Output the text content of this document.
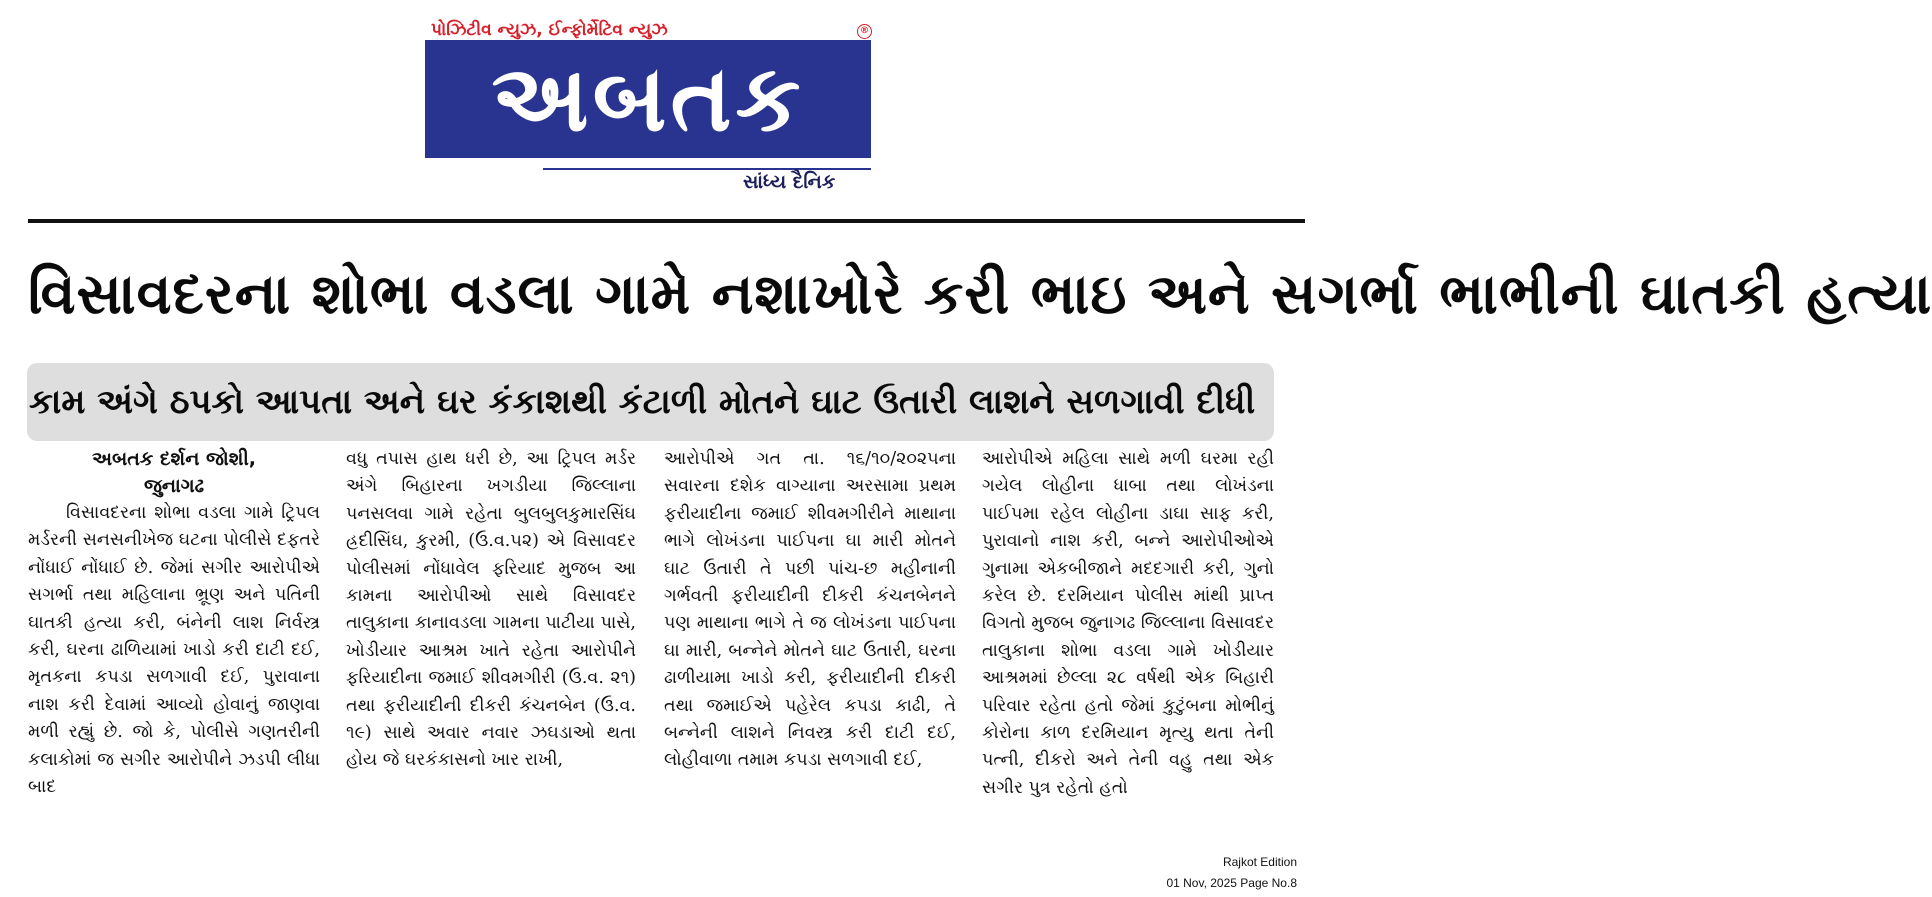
પોઝિટીવ ન્યુઝ, ઈન્ફોર્મેટિવ ન્યુઝ	®
અબતક
સાંધ્ય દૈનિક
વિસાવદરના શોભા વડલા ગામે નશાખોરે કરી ભાઇ અને સગર્ભા ભાભીની ઘાતકી હત્યા
કામ અંગે ઠપકો આપતા અને ઘર કંકાશથી કંટાળી મોતને ઘાટ ઉતારી લાશને સળગાવી દીધી
અબતક દર્શન જોશી,
જુનાગઢ

વિસાવદરના શોભા વડલા ગામે ટ્રિપલ મર્ડરની સનસનીખેજ ઘટના પોલીસે દફતરે નોંધાઈ નોંધાઈ છે. જેમાં સગીર આરોપીએ સગર્ભા તથા મહિલાના ભ્રૂણ અને પતિની ઘાતકી હત્યા કરી, બંનેની લાશ નિર્વસ્ત્ર કરી, ઘરના ઢાળિયામાં ખાડો કરી દાટી દઈ, મૃતકના કપડા સળગાવી દઈ, પુરાવાના નાશ કરી દેવામાં આવ્યો હોવાનું જાણવા મળી રહ્યું છે. જો કે, પોલીસે ગણતરીની કલાકોમાં જ સગીર આરોપીને ઝડપી લીધા બાદ

વધુ તપાસ હાથ ધરી છે, આ ટ્રિપલ મર્ડર અંગે બિહારના ખગડીયા જિલ્લાના પનસલવા ગામે રહેતા બુલબુલકુમારસિંઘ હ્રદીસિંઘ, કુરમી, (ઉ.વ.૫૨) એ વિસાવદર પોલીસમાં નોંધાવેલ ફરિયાદ મુજબ આ કામના આરોપીઓ સાથે વિસાવદર તાલુકાના કાનાવડલા ગામના પાટીયા પાસે, ખોડીયાર આશ્રમ ખાતે રહેતા આરોપીને ફરિયાદીના જમાઈ શીવમગીરી (ઉ.વ. ૨૧) તથા ફરીયાદીની દીકરી કંચનબેન (ઉ.વ. ૧૯) સાથે અવાર નવાર ઝઘડાઓ થતા હોય જે ઘરકંકાસનો ખાર રાખી,

આરોપીએ ગત તા. ૧૬/૧૦/૨૦૨૫ના સવારના દશેક વાગ્યાના અરસામા પ્રથમ ફરીયાદીના જમાઈ શીવમગીરીને માથાના ભાગે લોખંડના પાઈપના ઘા મારી મોતને ઘાટ ઉતારી તે પછી પાંચ-છ મહીનાની ગર્ભવતી ફરીયાદીની દીકરી કંચનબેનને પણ માથાના ભાગે તે જ લોખંડના પાઈપના ઘા મારી, બન્નેને મોતને ઘાટ ઉતારી, ઘરના ઢાળીયામા ખાડો કરી, ફરીયાદીની દીકરી તથા જમાઈએ પહેરેલ કપડા કાઢી, તે બન્નેની લાશને નિવસ્ત્ર કરી દાટી દઈ, લોહીવાળા તમામ કપડા સળગાવી દઈ,

આરોપીએ મહિલા સાથે મળી ઘરમા રહી ગયેલ લોહીના ધાબા તથા લોખંડના પાઈપમા રહેલ લોહીના ડાઘા સાફ કરી, પુરાવાનો નાશ કરી, બન્ને આરોપીઓએ ગુનામા એકબીજાને મદદગારી કરી, ગુનો કરેલ છે. દરમિયાન પોલીસ માંથી પ્રાપ્ત વિગતો મુજબ જુનાગઢ જિલ્લાના વિસાવદર તાલુકાના શોભા વડલા ગામે ખોડીયાર આશ્રમમાં છેલ્લા ૨૮ વર્ષથી એક બિહારી પરિવાર રહેતા હતો જેમાં કુટુંબના મોભીનું કોરોના કાળ દરમિયાન મૃત્યુ થતા તેની પત્ની, દીકરો અને તેની વહુ તથા એક સગીર પુત્ર રહેતો હતો

Rajkot Edition
01 Nov, 2025 Page No.8
